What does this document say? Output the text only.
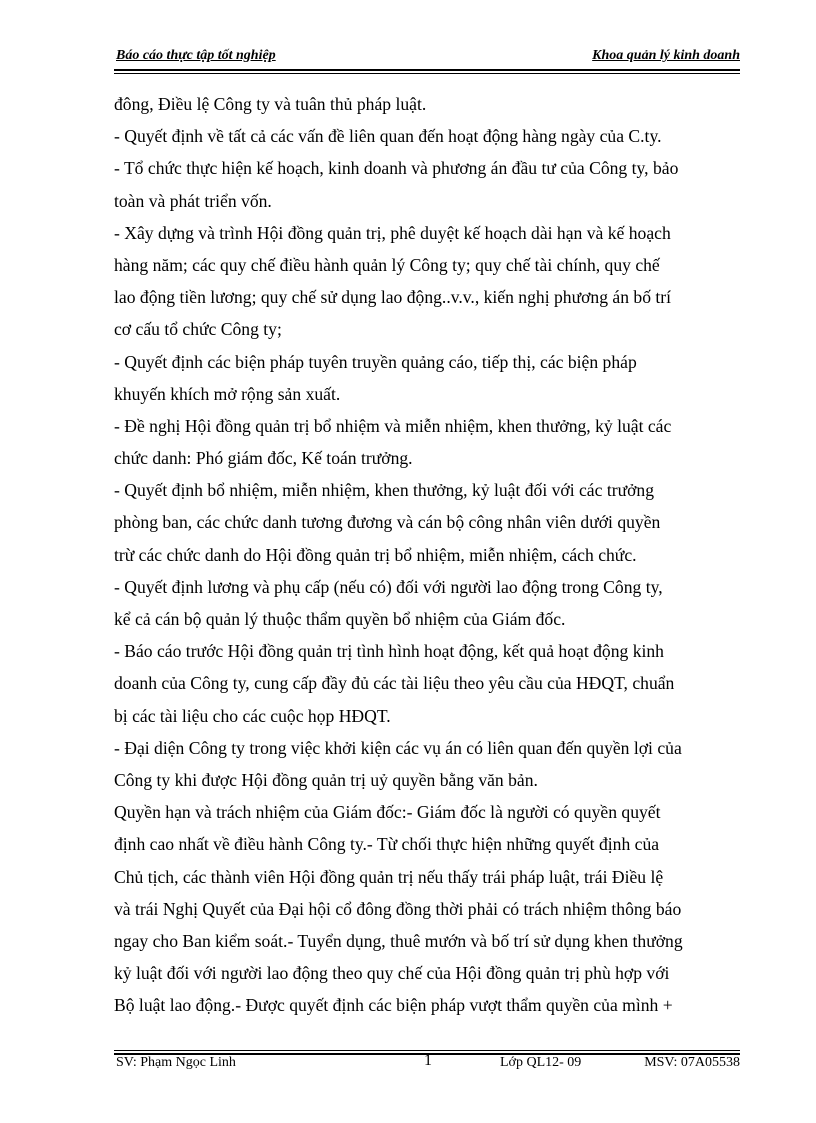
Báo cáo thực tập tốt nghiệp	Khoa quản lý kinh doanh
đông, Điều lệ Công ty và tuân thủ pháp luật.
- Quyết định về tất cả các vấn đề liên quan đến hoạt động hàng ngày của C.ty.
- Tổ chức thực hiện kế hoạch, kinh doanh và phương án đầu tư của Công ty, bảo
toàn và phát triển vốn.
- Xây dựng và trình Hội đồng quản trị, phê duyệt kế hoạch dài hạn và kế hoạch
hàng năm; các quy chế điều hành quản lý Công ty; quy chế tài chính, quy chế
lao động tiền lương; quy chế sử dụng lao động..v.v., kiến nghị phương án bố trí
cơ cấu tổ chức Công ty;
- Quyết định các biện pháp tuyên truyền quảng cáo, tiếp thị, các biện pháp
khuyến khích mở rộng sản xuất.
- Đề nghị Hội đồng quản trị bổ nhiệm và miễn nhiệm, khen thưởng, kỷ luật các
chức danh: Phó giám đốc, Kế toán trưởng.
- Quyết định bổ nhiệm, miễn nhiệm, khen thưởng, kỷ luật đối với các trưởng
phòng ban, các chức danh tương đương và cán bộ công nhân viên dưới quyền
trừ các chức danh do Hội đồng quản trị bổ nhiệm, miễn nhiệm, cách chức.
- Quyết định lương và phụ cấp (nếu có) đối với người lao động trong Công ty,
kể cả cán bộ quản lý thuộc thẩm quyền bổ nhiệm của Giám đốc.
- Báo cáo trước Hội đồng quản trị tình hình hoạt động, kết quả hoạt động kinh
doanh của Công ty, cung cấp đầy đủ các tài liệu theo yêu cầu của HĐQT, chuẩn
bị các tài liệu cho các cuộc họp HĐQT.
- Đại diện Công ty trong việc khởi kiện các vụ án có liên quan đến quyền lợi của
Công ty khi được Hội đồng quản trị uỷ quyền bằng văn bản.
Quyền hạn và trách nhiệm của Giám đốc:- Giám đốc là người có quyền quyết
định cao nhất về điều hành Công ty.- Từ chối thực hiện những quyết định của
Chủ tịch, các thành viên Hội đồng quản trị nếu thấy trái pháp luật, trái Điều lệ
và trái Nghị Quyết của Đại hội cổ đông đồng thời phải có trách nhiệm thông báo
ngay cho Ban kiểm soát.- Tuyển dụng, thuê mướn và bố trí sử dụng khen thưởng
kỷ luật đối với người lao động theo quy chế của Hội đồng quản trị phù hợp với
Bộ luật lao động.- Được quyết định các biện pháp vượt thẩm quyền của mình +
SV: Phạm Ngọc Linh	1	Lớp QL12- 09	MSV: 07A05538
